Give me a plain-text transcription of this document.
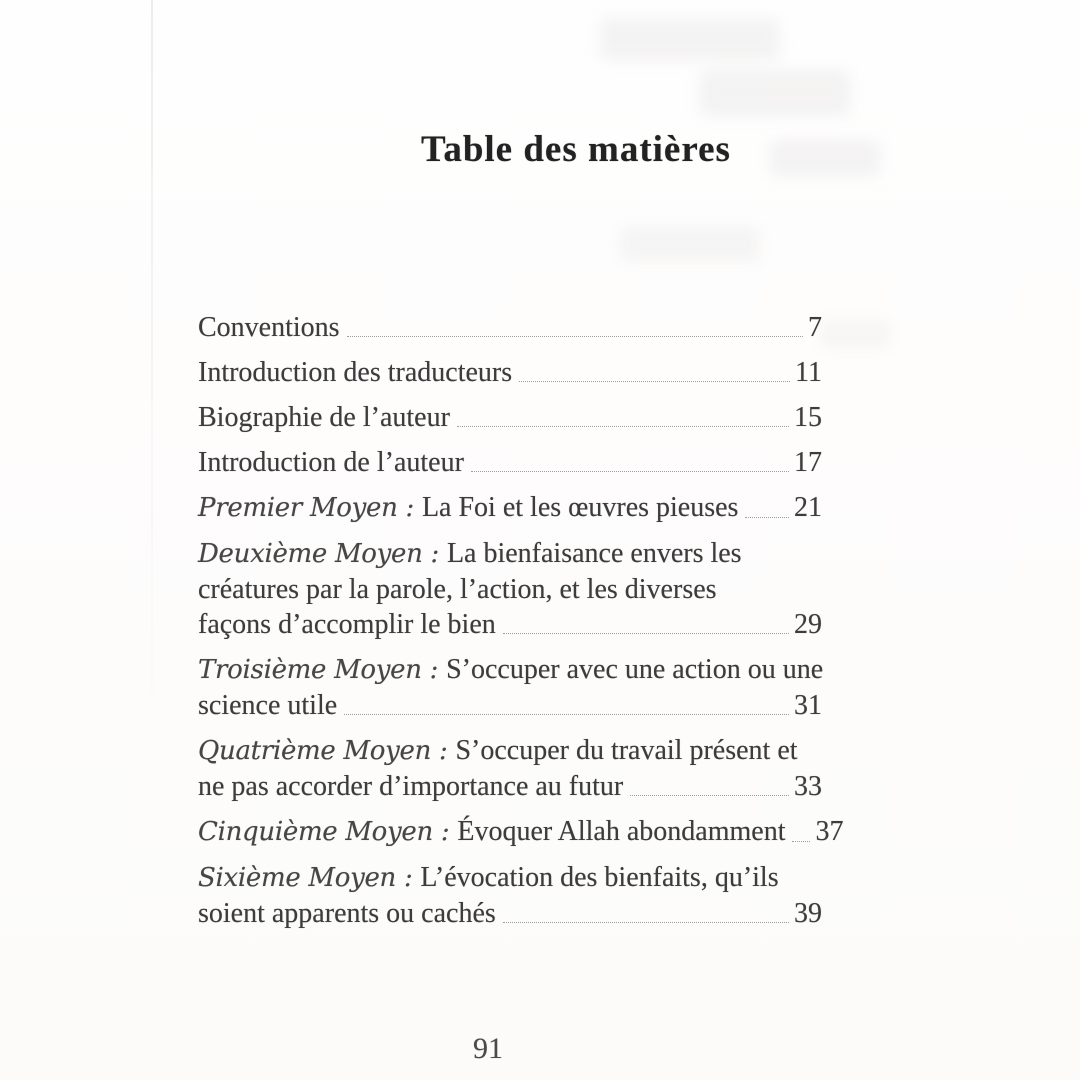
Table des matières
Conventions	7
Introduction des traducteurs	11
Biographie de l’auteur	15
Introduction de l’auteur	17
Premier Moyen : La Foi et les œuvres pieuses 21
Deuxième Moyen : La bienfaisance envers les
créatures par la parole, l’action, et les diverses
façons d’accomplir le bien	29
Troisième Moyen : S’occuper avec une action ou une
science utile	31
Quatrième Moyen : S’occuper du travail présent et
ne pas accorder d’importance au futur	33
Cinquième Moyen : Évoquer Allah abondamment 37
Sixième Moyen : L’évocation des bienfaits, qu’ils
soient apparents ou cachés	39
91
